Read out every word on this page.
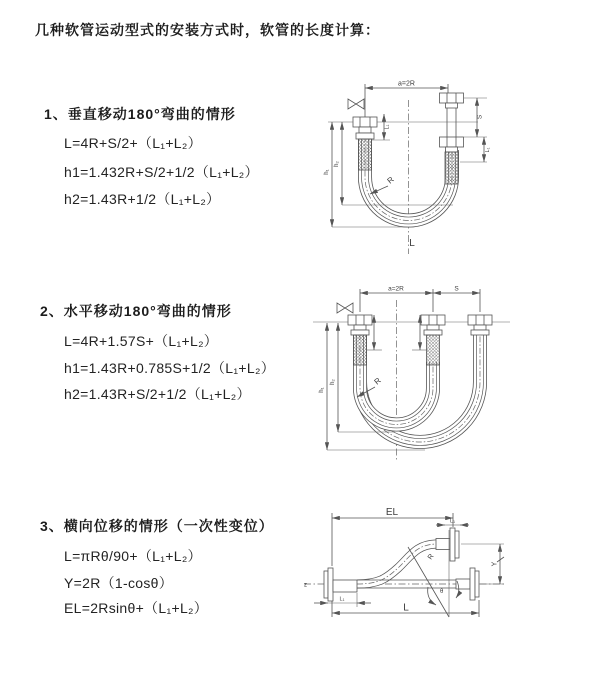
几种软管运动型式的安装方式时，软管的长度计算：
1、垂直移动180°弯曲的情形
L=4R+S/2+（L₁+L₂）
h1=1.432R+S/2+1/2（L₁+L₂）
h2=1.43R+1/2（L₁+L₂）
2、水平移动180°弯曲的情形
L=4R+1.57S+（L₁+L₂）
h1=1.43R+0.785S+1/2（L₁+L₂）
h2=1.43R+S/2+1/2（L₁+L₂）
3、横向位移的情形（一次性变位）
L=πRθ/90+（L₁+L₂）
Y=2R（1-cosθ）
EL=2Rsinθ+（L₁+L₂）
a=2R
h₁
h₂
L₁
S
L₁
R
L
a=2R	S
h₁
h₂	R
z
EL
L₁
Y
θ
R
L₁
L
